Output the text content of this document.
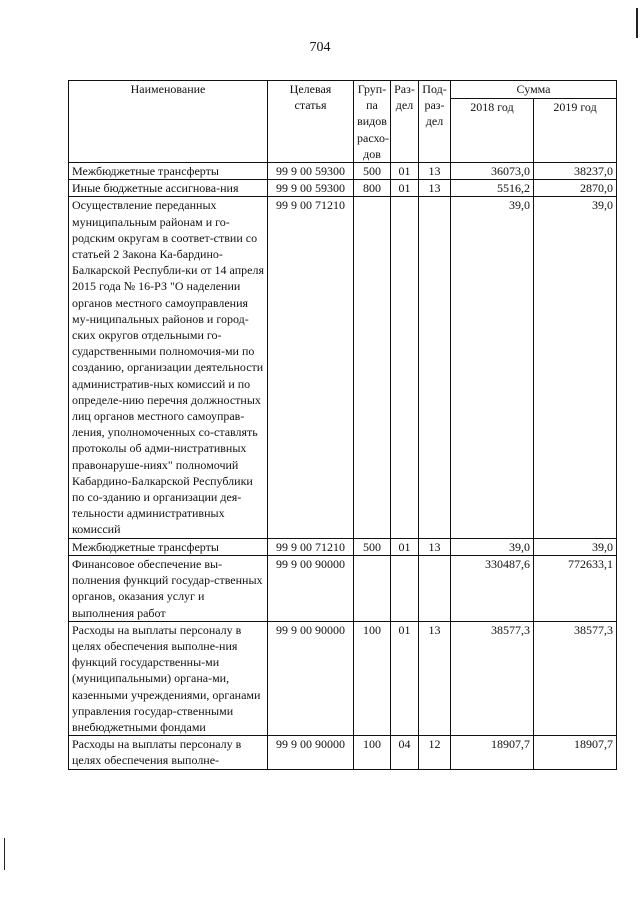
704
Наименование	Целевая статья	Груп-па видов расхо-дов	Раз-дел	Под-раз-дел	Сумма	
					2018 год	2019 год
Межбюджетные трансферты	99 9 00 59300	500	01	13	36073,0	38237,0
Иные бюджетные ассигнова-ния	99 9 00 59300	800	01	13	5516,2	2870,0
Осуществление переданных муниципальным районам и го-родским округам в соответ-ствии со статьей 2 Закона Ка-бардино-Балкарской Республи-ки от 14 апреля 2015 года № 16-РЗ "О наделении органов местного самоуправления му-ниципальных районов и город-ских округов отдельными го-сударственными полномочия-ми по созданию, организации деятельности административ-ных комиссий и по определе-нию перечня должностных лиц органов местного самоуправ-ления, уполномоченных со-ставлять протоколы об адми-нистративных правонаруше-ниях" полномочий Кабардино-Балкарской Республики по со-зданию и организации дея-тельности административных комиссий	99 9 00 71210				39,0	39,0
Межбюджетные трансферты	99 9 00 71210	500	01	13	39,0	39,0
Финансовое обеспечение вы-полнения функций государ-ственных органов, оказания услуг и выполнения работ	99 9 00 90000				330487,6	772633,1
Расходы на выплаты персоналу в целях обеспечения выполне-ния функций государственны-ми (муниципальными) органа-ми, казенными учреждениями, органами управления государ-ственными внебюджетными фондами	99 9 00 90000	100	01	13	38577,3	38577,3
Расходы на выплаты персоналу в целях обеспечения выполне-	99 9 00 90000	100	04	12	18907,7	18907,7
